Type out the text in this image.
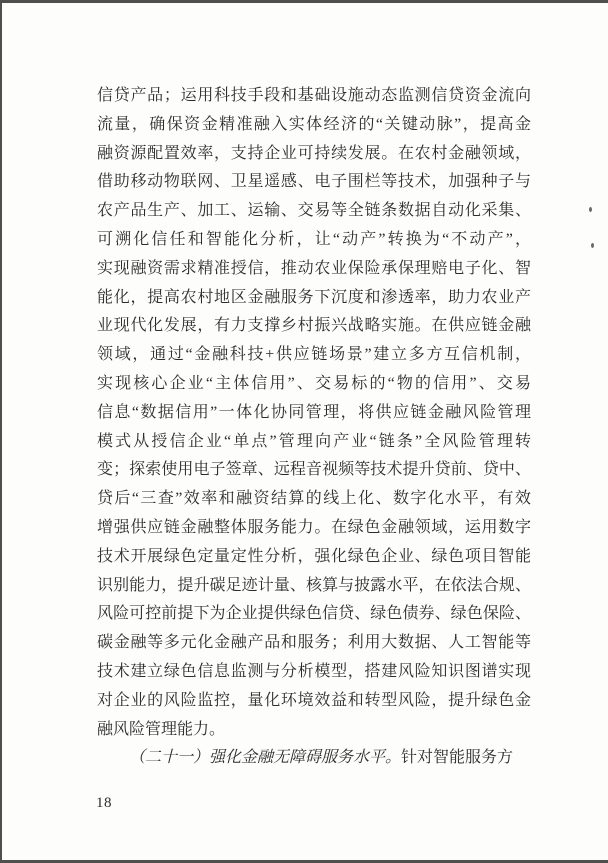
信贷产品；运用科技手段和基础设施动态监测信贷资金流向
流量，确保资金精准融入实体经济的“关键动脉”，提高金
融资源配置效率，支持企业可持续发展。在农村金融领域，
借助移动物联网、卫星遥感、电子围栏等技术，加强种子与
农产品生产、加工、运输、交易等全链条数据自动化采集、
可溯化信任和智能化分析，让“动产”转换为“不动产”，
实现融资需求精准授信，推动农业保险承保理赔电子化、智
能化，提高农村地区金融服务下沉度和渗透率，助力农业产
业现代化发展，有力支撑乡村振兴战略实施。在供应链金融
领域，通过“金融科技+供应链场景”建立多方互信机制，
实现核心企业“主体信用”、交易标的“物的信用”、交易
信息“数据信用”一体化协同管理，将供应链金融风险管理
模式从授信企业“单点”管理向产业“链条”全风险管理转
变；探索使用电子签章、远程音视频等技术提升贷前、贷中、
贷后“三查”效率和融资结算的线上化、数字化水平，有效
增强供应链金融整体服务能力。在绿色金融领域，运用数字
技术开展绿色定量定性分析，强化绿色企业、绿色项目智能
识别能力，提升碳足迹计量、核算与披露水平，在依法合规、
风险可控前提下为企业提供绿色信贷、绿色债券、绿色保险、
碳金融等多元化金融产品和服务；利用大数据、人工智能等
技术建立绿色信息监测与分析模型，搭建风险知识图谱实现
对企业的风险监控，量化环境效益和转型风险，提升绿色金
融风险管理能力。
（二十一）强化金融无障碍服务水平。针对智能服务方
18
